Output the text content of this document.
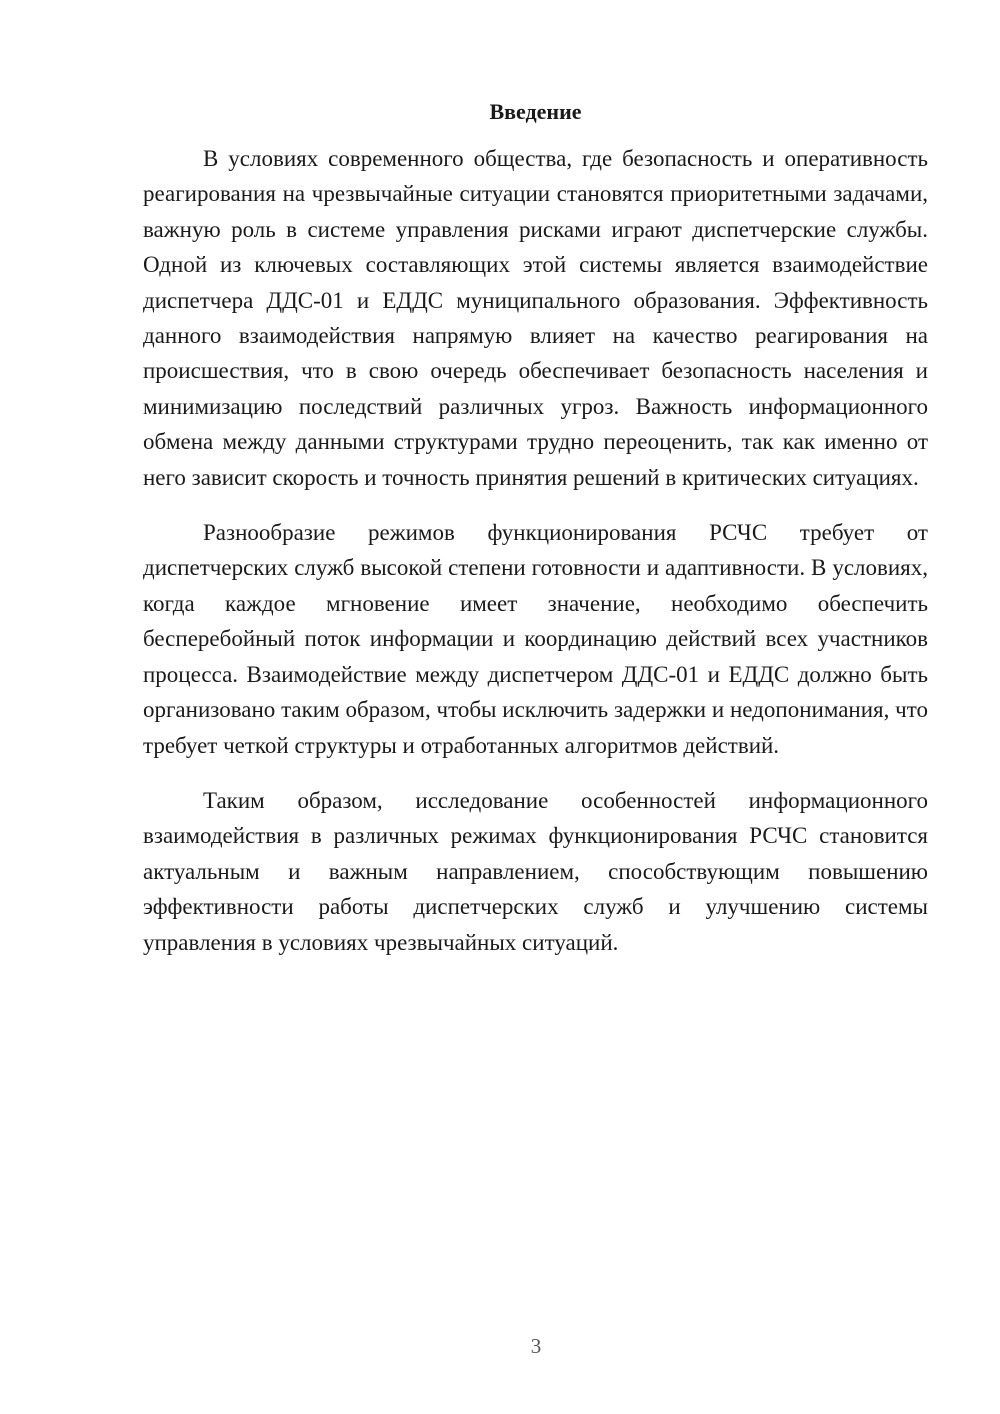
Введение

В условиях современного общества, где безопасность и оперативность реагирования на чрезвычайные ситуации становятся приоритетными задачами, важную роль в системе управления рисками играют диспетчерские службы. Одной из ключевых составляющих этой системы является взаимодействие диспетчера ДДС-01 и ЕДДС муниципального образования. Эффективность данного взаимодействия напрямую влияет на качество реагирования на происшествия, что в свою очередь обеспечивает безопасность населения и минимизацию последствий различных угроз. Важность информационного обмена между данными структурами трудно переоценить, так как именно от него зависит скорость и точность принятия решений в критических ситуациях.

Разнообразие режимов функционирования РСЧС требует от диспетчерских служб высокой степени готовности и адаптивности. В условиях, когда каждое мгновение имеет значение, необходимо обеспечить бесперебойный поток информации и координацию действий всех участников процесса. Взаимодействие между диспетчером ДДС-01 и ЕДДС должно быть организовано таким образом, чтобы исключить задержки и недопонимания, что требует четкой структуры и отработанных алгоритмов действий.

Таким образом, исследование особенностей информационного взаимодействия в различных режимах функционирования РСЧС становится актуальным и важным направлением, способствующим повышению эффективности работы диспетчерских служб и улучшению системы управления в условиях чрезвычайных ситуаций.

3
